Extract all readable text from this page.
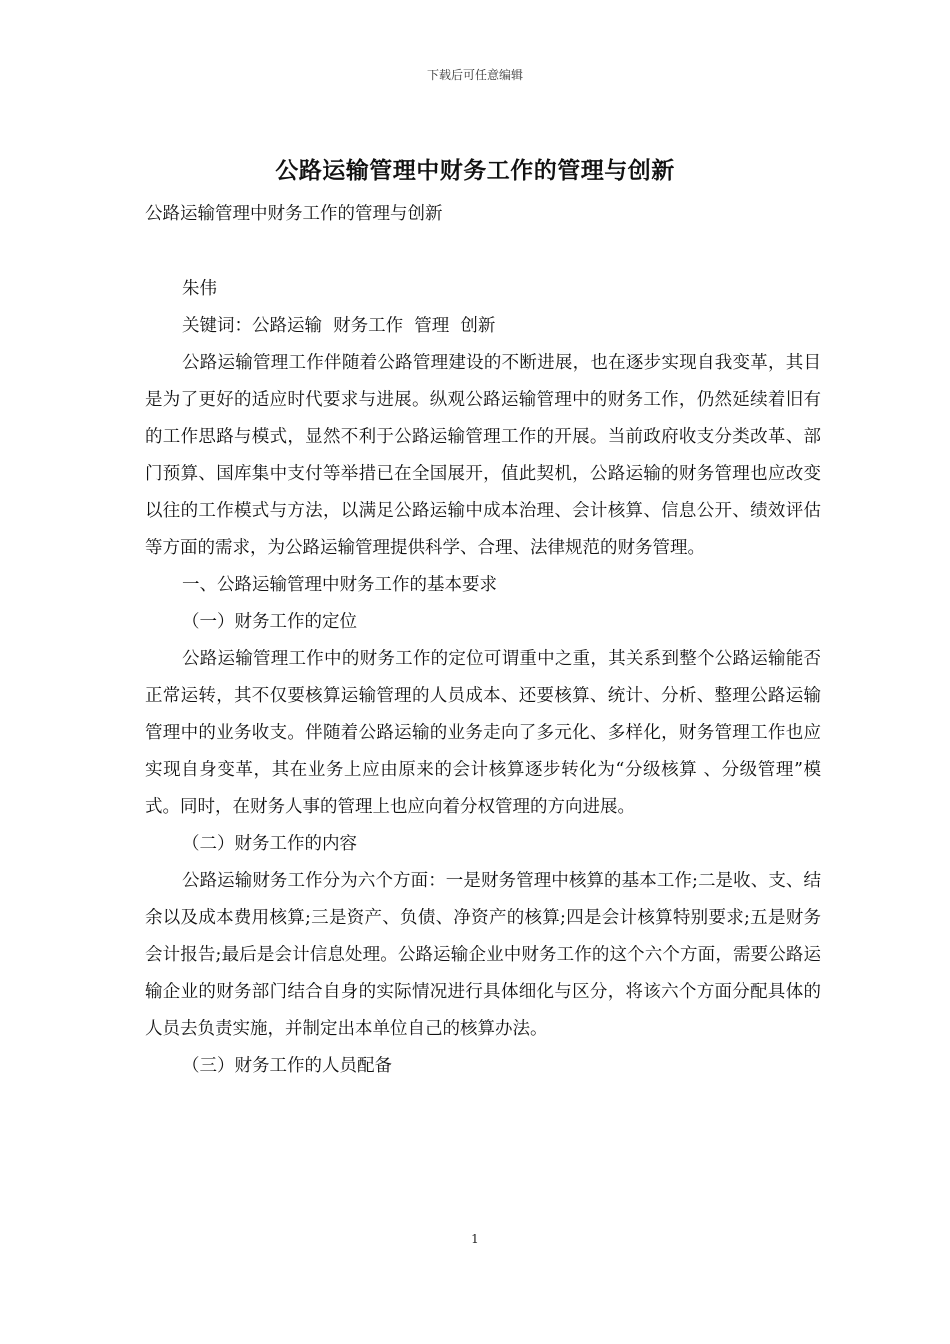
下载后可任意编辑
公路运输管理中财务工作的管理与创新

公路运输管理中财务工作的管理与创新

朱伟

关键词：公路运输  财务工作  管理  创新

公路运输管理工作伴随着公路管理建设的不断进展，也在逐步实现自我变革，其目是为了更好的适应时代要求与进展。纵观公路运输管理中的财务工作，仍然延续着旧有的工作思路与模式，显然不利于公路运输管理工作的开展。当前政府收支分类改革、部门预算、国库集中支付等举措已在全国展开，值此契机，公路运输的财务管理也应改变以往的工作模式与方法，以满足公路运输中成本治理、会计核算、信息公开、绩效评估等方面的需求，为公路运输管理提供科学、合理、法律规范的财务管理。

一、公路运输管理中财务工作的基本要求

（一）财务工作的定位

公路运输管理工作中的财务工作的定位可谓重中之重，其关系到整个公路运输能否正常运转，其不仅要核算运输管理的人员成本、还要核算、统计、分析、整理公路运输管理中的业务收支。伴随着公路运输的业务走向了多元化、多样化，财务管理工作也应实现自身变革，其在业务上应由原来的会计核算逐步转化为“分级核算 、分级管理”模式。同时，在财务人事的管理上也应向着分权管理的方向进展。

（二）财务工作的内容

公路运输财务工作分为六个方面：一是财务管理中核算的基本工作;二是收、支、结余以及成本费用核算;三是资产、负债、净资产的核算;四是会计核算特别要求;五是财务会计报告;最后是会计信息处理。公路运输企业中财务工作的这个六个方面，需要公路运输企业的财务部门结合自身的实际情况进行具体细化与区分，将该六个方面分配具体的人员去负责实施，并制定出本单位自己的核算办法。

（三）财务工作的人员配备

1
